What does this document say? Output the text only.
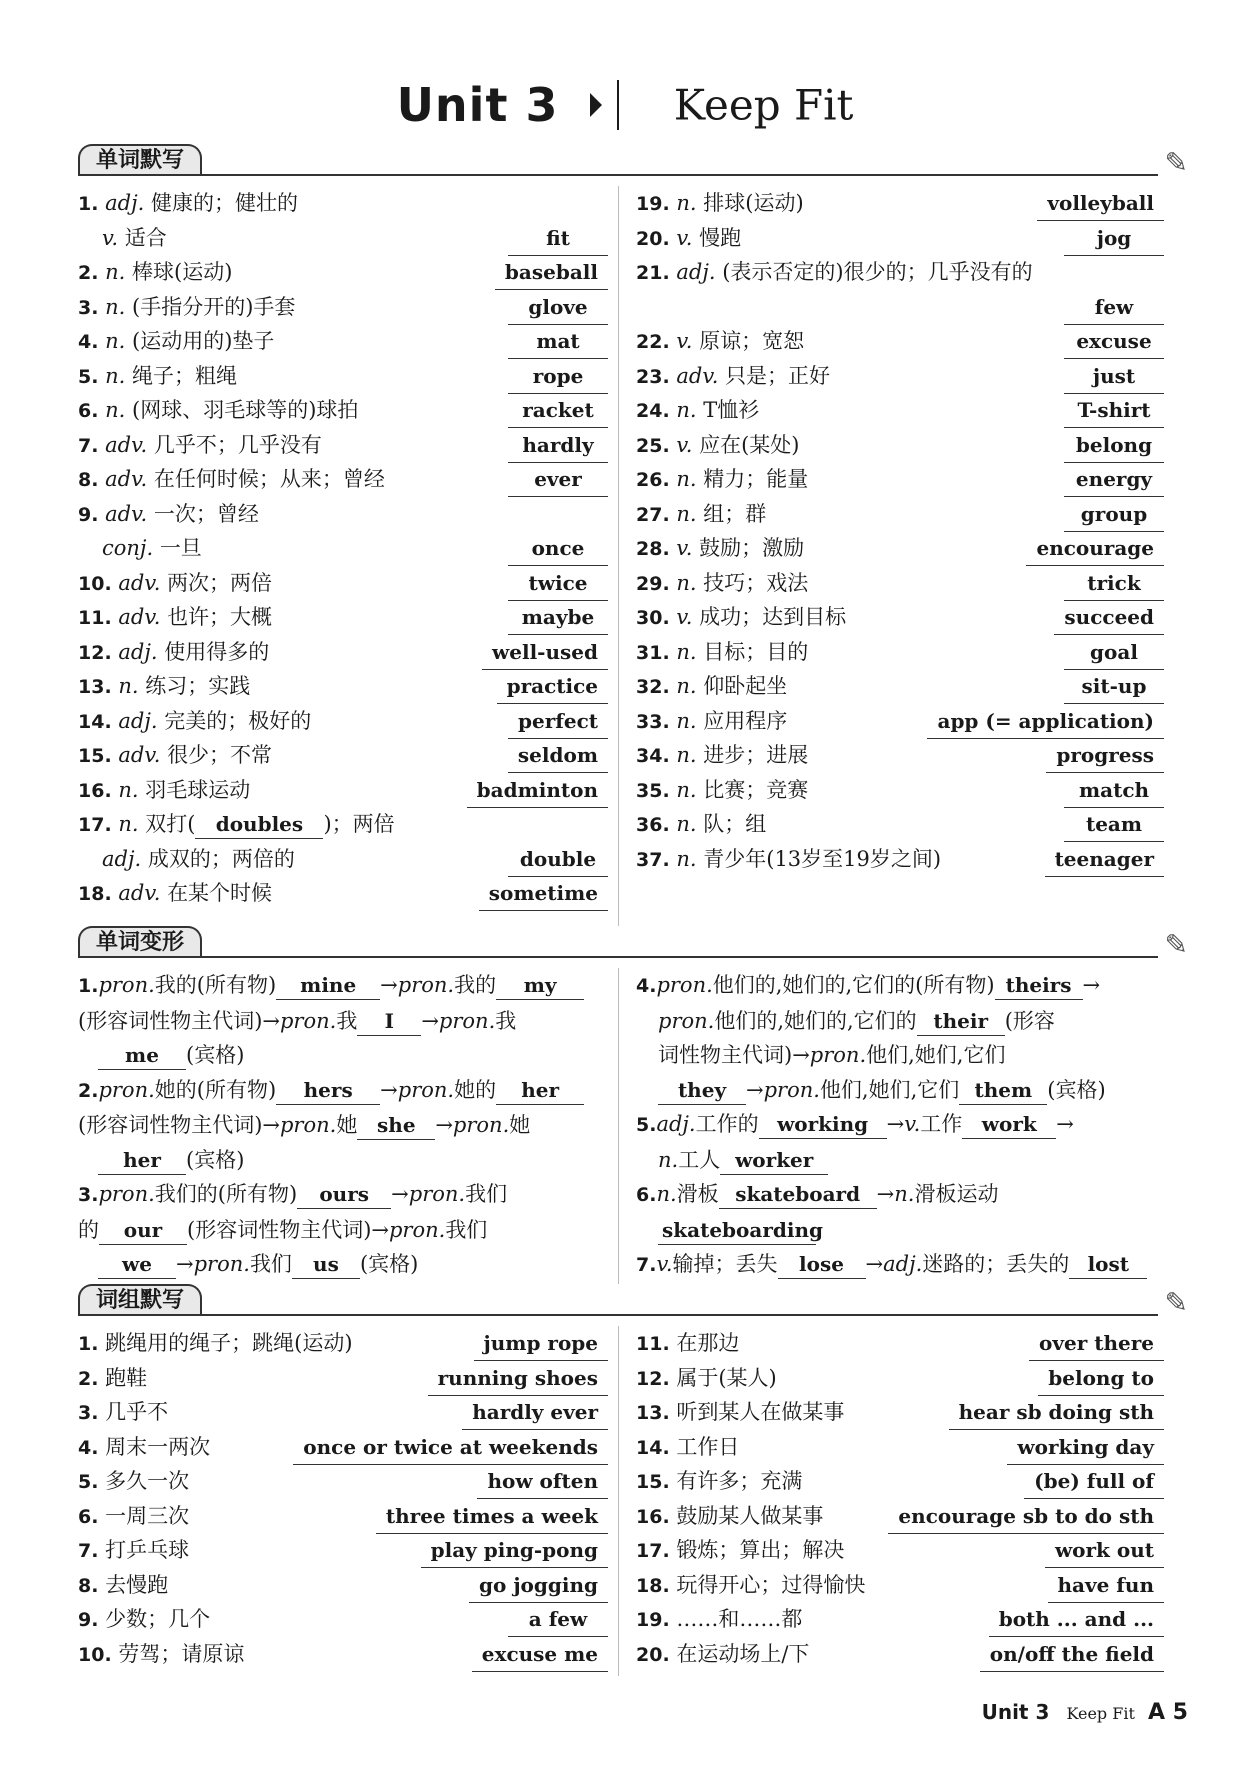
Unit 3	Keep Fit
单词默写	✎
1. adj. 健康的；健壮的
v. 适合	fit
2. n. 棒球(运动)	baseball
3. n. (手指分开的)手套	glove
4. n. (运动用的)垫子	mat
5. n. 绳子；粗绳	rope
6. n. (网球、羽毛球等的)球拍	racket
7. adv. 几乎不；几乎没有	hardly
8. adv. 在任何时候；从来；曾经	ever
9. adv. 一次；曾经
conj. 一旦	once
10. adv. 两次；两倍	twice
11. adv. 也许；大概	maybe
12. adj. 使用得多的	well-used
13. n. 练习；实践	practice
14. adj. 完美的；极好的	perfect
15. adv. 很少；不常	seldom
16. n. 羽毛球运动	badminton
17. n. 双打( doubles )；两倍
adj. 成双的；两倍的	double
18. adv. 在某个时候	sometime
19. n. 排球(运动)	volleyball
20. v. 慢跑	jog
21. adj. (表示否定的)很少的；几乎没有的
few
22. v. 原谅；宽恕	excuse
23. adv. 只是；正好	just
24. n. T恤衫	T-shirt
25. v. 应在(某处)	belong
26. n. 精力；能量	energy
27. n. 组；群	group
28. v. 鼓励；激励	encourage
29. n. 技巧；戏法	trick
30. v. 成功；达到目标	succeed
31. n. 目标；目的	goal
32. n. 仰卧起坐	sit-up
33. n. 应用程序	app (= application)
34. n. 进步；进展	progress
35. n. 比赛；竞赛	match
36. n. 队；组	team
37. n. 青少年(13岁至19岁之间)	teenager
单词变形	✎
1.pron.我的(所有物) mine →pron.我的 my
(形容词性物主代词)→pron.我 I →pron.我
me (宾格)
2.pron.她的(所有物) hers →pron.她的 her
(形容词性物主代词)→pron.她 she →pron.她
her (宾格)
3.pron.我们的(所有物) ours →pron.我们
的 our (形容词性物主代词)→pron.我们
we →pron.我们 us (宾格)
4.pron.他们的,她们的,它们的(所有物) theirs →
pron.他们的,她们的,它们的 their (形容
词性物主代词)→pron.他们,她们,它们
they →pron.他们,她们,它们 them (宾格)
5.adj.工作的 working →v.工作 work →
n.工人 worker
6.n.滑板 skateboard →n.滑板运动
skateboarding
7.v.输掉；丢失 lose →adj.迷路的；丢失的 lost
词组默写	✎
1. 跳绳用的绳子；跳绳(运动)	jump rope
2. 跑鞋	running shoes
3. 几乎不	hardly ever
4. 周末一两次	once or twice at weekends
5. 多久一次	how often
6. 一周三次	three times a week
7. 打乒乓球	play ping-pong
8. 去慢跑	go jogging
9. 少数；几个	a few
10. 劳驾；请原谅	excuse me
11. 在那边	over there
12. 属于(某人)	belong to
13. 听到某人在做某事	hear sb doing sth
14. 工作日	working day
15. 有许多；充满	(be) full of
16. 鼓励某人做某事	encourage sb to do sth
17. 锻炼；算出；解决	work out
18. 玩得开心；过得愉快	have fun
19. ……和……都	both ... and ...
20. 在运动场上/下	on/off the field
Unit 3 Keep Fit A 5
